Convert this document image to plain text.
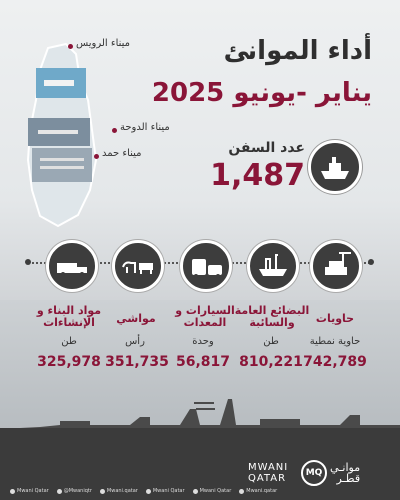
أداء الموانئ
يناير -يونيو 2025
ميناء الرويس
ميناء الدوحة
ميناء حمد	عدد السفن
1,487
حاويات
حاوية نمطية
742,789
البضائع العامة والسائبة
طن
810,221
السيارات و المعدات
وحدة
56,817
مواشي
رأس
351,735
مواد البناء و الإنشاءات
طن
325,978
MWANI
QATAR	MQ موانـي
قطـر
Mwani Qatar	@Mwaniqtr	Mwani.qatar	Mwani Qatar	Mwani Qatar	Mwani.qatar
